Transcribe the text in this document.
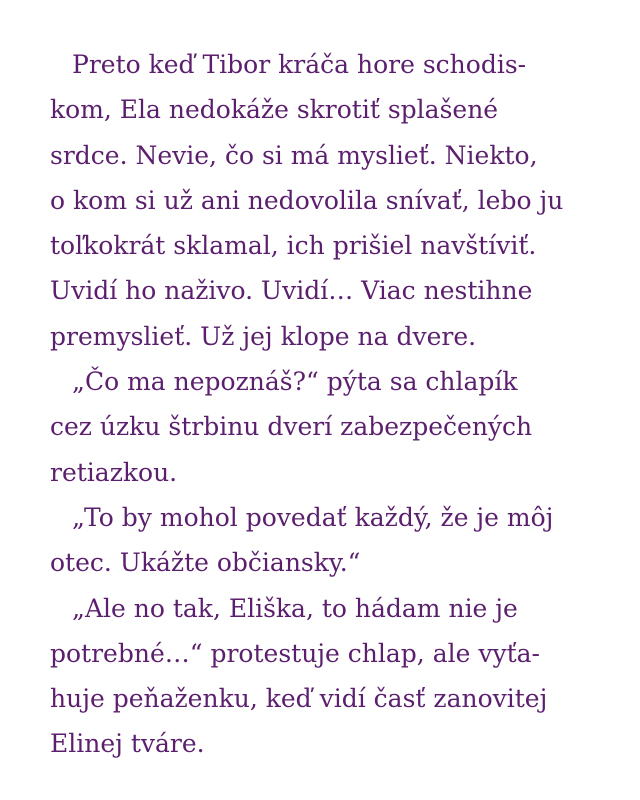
Preto keď Tibor kráča hore schodis-
kom, Ela nedokáže skrotiť splašené
srdce. Nevie, čo si má myslieť. Niekto,
o kom si už ani nedovolila snívať, lebo ju
toľkokrát sklamal, ich prišiel navštíviť.
Uvidí ho naživo. Uvidí… Viac nestihne
premyslieť. Už jej klope na dvere.
„Čo ma nepoznáš?“ pýta sa chlapík
cez úzku štrbinu dverí zabezpečených
retiazkou.
„To by mohol povedať každý, že je môj
otec. Ukážte občiansky.“
„Ale no tak, Eliška, to hádam nie je
potrebné…“ protestuje chlap, ale vyťa-
huje peňaženku, keď vidí časť zanovitej
Elinej tváre.
